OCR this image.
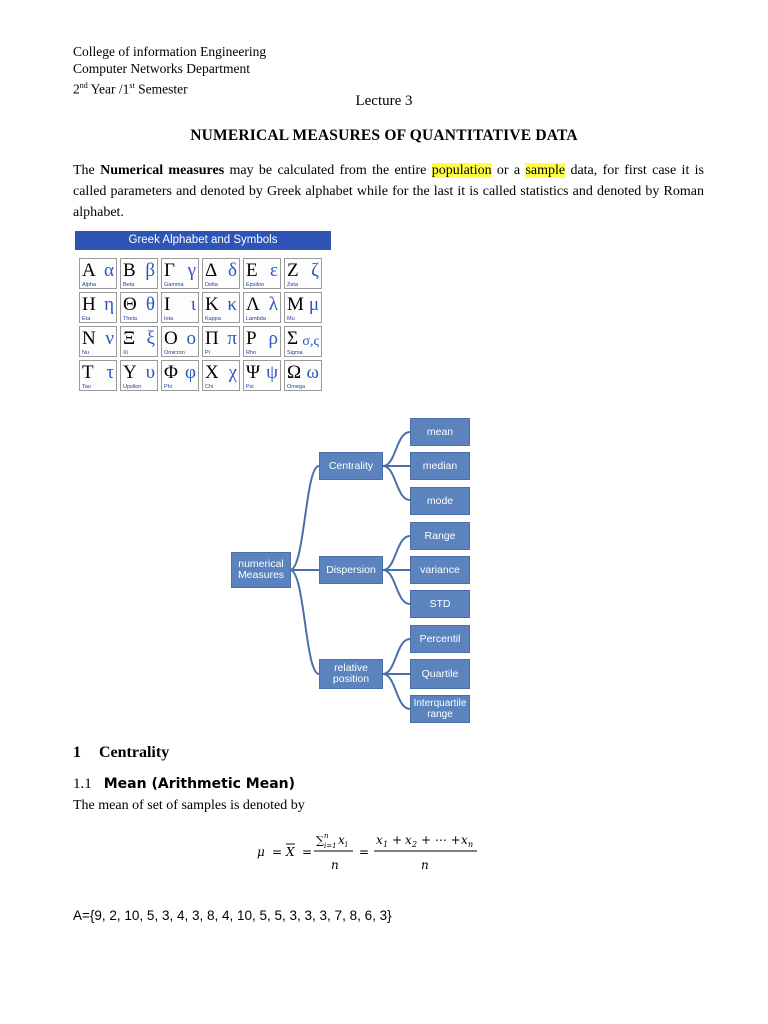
College of information Engineering
Computer Networks Department
2nd Year /1st Semester
Lecture 3
NUMERICAL MEASURES OF QUANTITATIVE DATA
The Numerical measures may be calculated from the entire population or a sample data, for first case it is called parameters and denoted by Greek alphabet while for the last it is called statistics and denoted by Roman alphabet.
Greek Alphabet and Symbols
Α α
Alpha
Β β
Beta
Γ γ
Gamma
Δ δ
Delta
Ε ε
Epsilon
Ζ ζ
Zeta
Η η
Eta
Θ θ
Theta
Ι ι
Iota
Κ κ
Kappa
Λ λ
Lambda
Μ μ
Mu
Ν ν
Nu
Ξ ξ
Xi
Ο ο
Omicron
Π π
Pi
Ρ ρ
Rho
Σ σ,ς
Sigma
Τ τ
Tau
Υ υ
Upsilon
Φ φ
Phi
Χ χ
Chi
Ψ ψ
Psi
Ω ω
Omega
numerical Measures
Centrality
Dispersion
relative position
mean
median
mode
Range
variance
STD
Percentil
Quartile
Interquartile range
1 Centrality
1.1 Mean (Arithmetic Mean)
The mean of set of samples is denoted by
μ = X =
∑ n
i=1 x i
n
=
x 1 + x 2 + ⋯ + x n
n
A={9, 2, 10, 5, 3, 4, 3, 8, 4, 10, 5, 5, 3, 3, 3, 7, 8, 6, 3}
